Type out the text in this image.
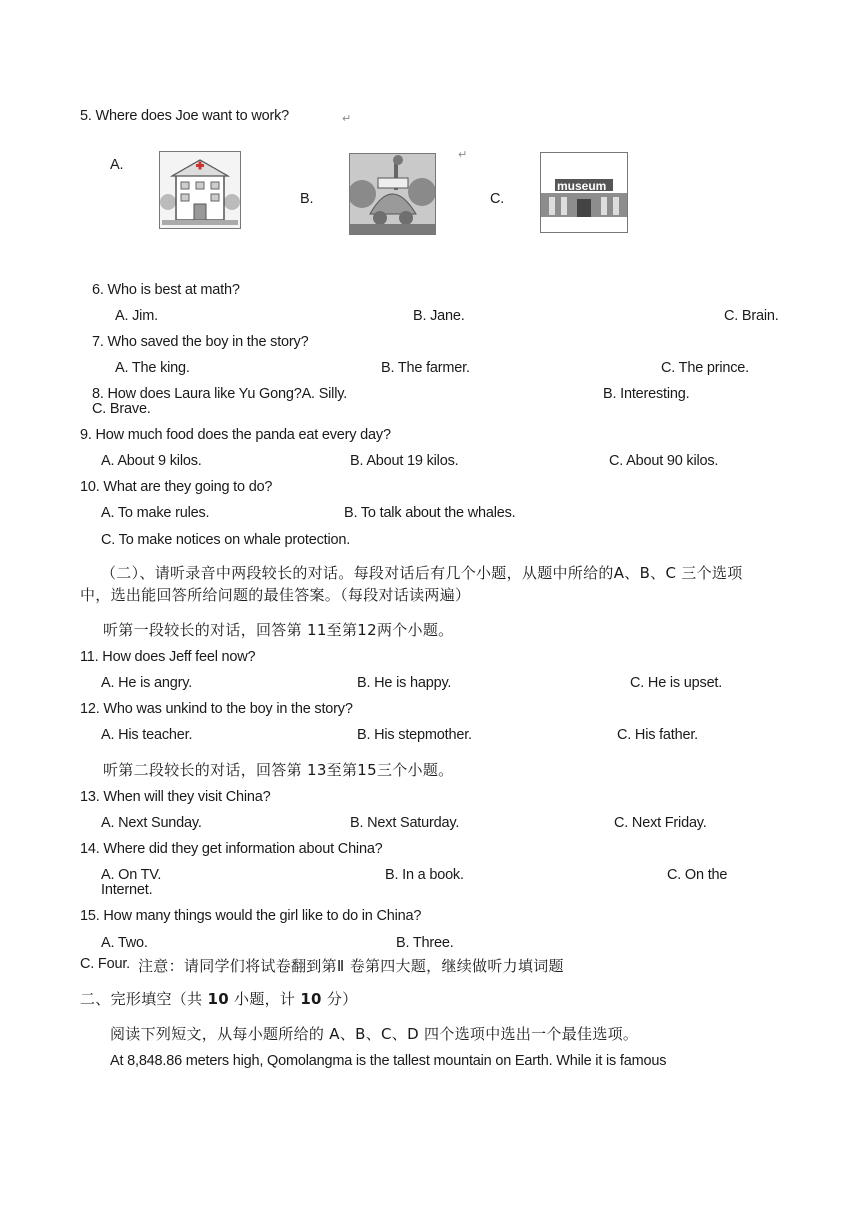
5. Where does Joe want to work?	↵
A.
B.
↵
C.
museum
6. Who is best at math?
A. Jim.	B. Jane.	C. Brain.
7. Who saved the boy in the story?
A. The king.	B. The farmer.	C. The prince.
8. How does Laura like Yu Gong?A. Silly.	B. Interesting.
C. Brave.
9. How much food does the panda eat every day?
A. About 9 kilos.	B. About 19 kilos.	C. About 90 kilos.
10. What are they going to do?
A. To make rules.	B. To talk about the whales.
C. To make notices on whale protection.
（二）、请听录音中两段较长的对话。每段对话后有几个小题，从题中所给的A、B、C 三个选项
中，选出能回答所给问题的最佳答案。（每段对话读两遍）
听第一段较长的对话，回答第 11至第12两个小题。
11. How does Jeff feel now?
A. He is angry.	B. He is happy.	C. He is upset.
12. Who was unkind to the boy in the story?
A. His teacher.	B. His stepmother.	C. His father.
听第二段较长的对话，回答第 13至第15三个小题。
13. When will they visit China?
A. Next Sunday.	B. Next Saturday.	C. Next Friday.
14. Where did they get information about China?
A. On TV.	B. In a book.	C. On the
Internet.
15. How many things would the girl like to do in China?
A. Two.	B. Three.
C. Four. 注意：请同学们将试卷翻到第Ⅱ 卷第四大题，继续做听力填词题
二、完形填空（共 10 小题，计 10 分）
阅读下列短文，从每小题所给的 A、B、C、D 四个选项中选出一个最佳选项。
At 8,848.86 meters high, Qomolangma is the tallest mountain on Earth. While it is famous
